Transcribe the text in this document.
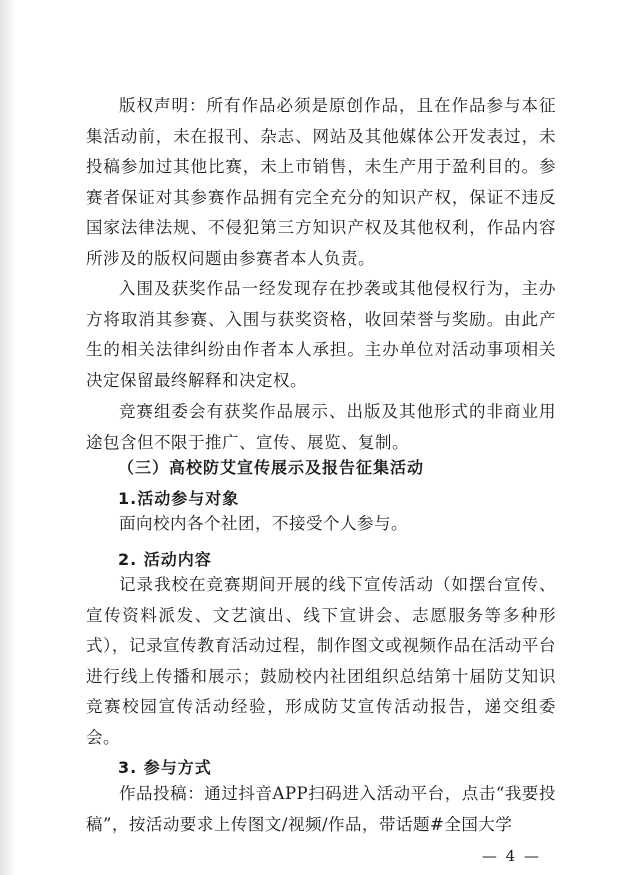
版权声明：所有作品必须是原创作品，且在作品参与本征集活动前，未在报刊、杂志、网站及其他媒体公开发表过，未投稿参加过其他比赛，未上市销售，未生产用于盈利目的。参赛者保证对其参赛作品拥有完全充分的知识产权，保证不违反国家法律法规、不侵犯第三方知识产权及其他权利，作品内容所涉及的版权问题由参赛者本人负责。

入围及获奖作品一经发现存在抄袭或其他侵权行为，主办方将取消其参赛、入围与获奖资格，收回荣誉与奖励。由此产生的相关法律纠纷由作者本人承担。主办单位对活动事项相关决定保留最终解释和决定权。

竞赛组委会有获奖作品展示、出版及其他形式的非商业用途包含但不限于推广、宣传、展览、复制。

（三）高校防艾宣传展示及报告征集活动

1.活动参与对象

面向校内各个社团，不接受个人参与。

2. 活动内容

记录我校在竞赛期间开展的线下宣传活动（如摆台宣传、宣传资料派发、文艺演出、线下宣讲会、志愿服务等多种形式），记录宣传教育活动过程，制作图文或视频作品在活动平台进行线上传播和展示；鼓励校内社团组织总结第十届防艾知识竞赛校园宣传活动经验，形成防艾宣传活动报告，递交组委会。

3. 参与方式

作品投稿：通过抖音APP扫码进入活动平台，点击“我要投稿”，按活动要求上传图文/视频/作品，带话题#全国大学

— 4 —
